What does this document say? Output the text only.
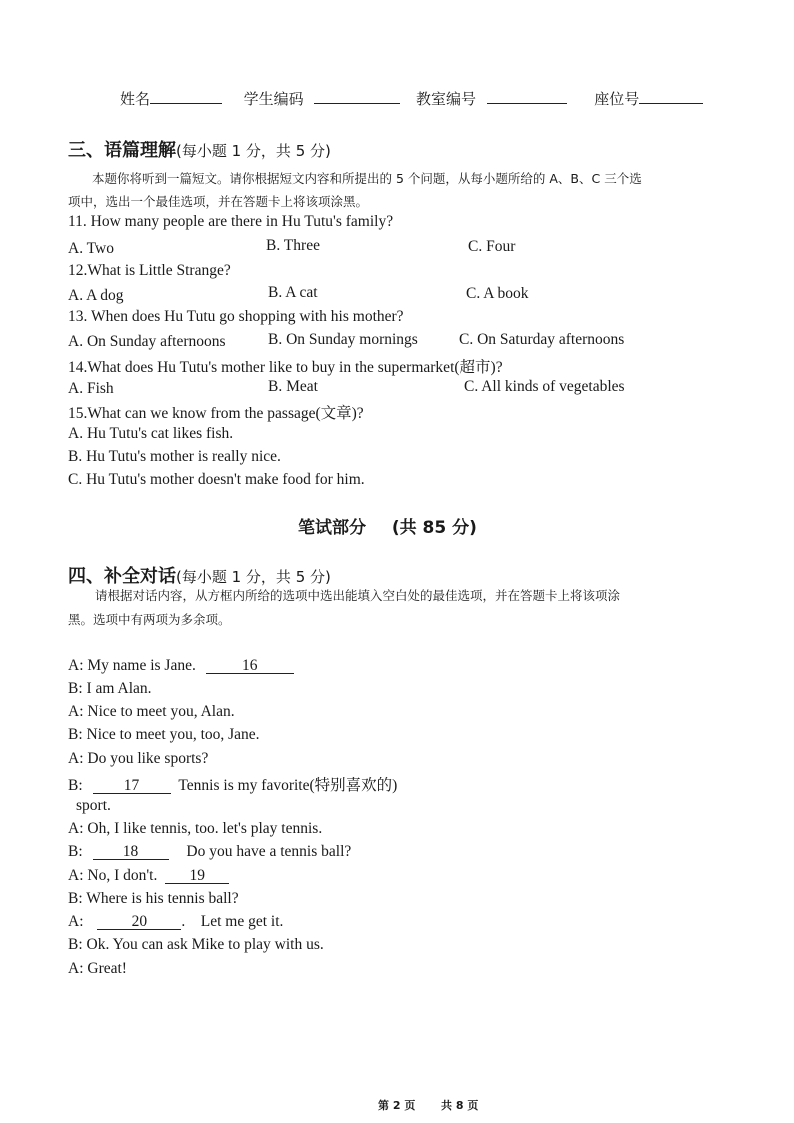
姓名	学生编码	教室编号	座位号
三、语篇理解(每小题 1 分，共 5 分)
本题你将听到一篇短文。请你根据短文内容和所提出的 5 个问题，从每小题所给的 A、B、C 三个选
项中，选出一个最佳选项，并在答题卡上将该项涂黑。
11. How many people are there in Hu Tutu's family?
A. Two	B. Three	C. Four
12.What is Little Strange?
A. A dog	B. A cat	C. A book
13. When does Hu Tutu go shopping with his mother?
A. On Sunday afternoons	B. On Sunday mornings	C. On Saturday afternoons
14.What does Hu Tutu's mother like to buy in the supermarket(超市)?
A. Fish	B. Meat	C. All kinds of vegetables
15.What can we know from the passage(文章)?
A. Hu Tutu's cat likes fish.
B. Hu Tutu's mother is really nice.
C. Hu Tutu's mother doesn't make food for him.
笔试部分 (共 85 分)
四、补全对话(每小题 1 分，共 5 分)
请根据对话内容，从方框内所给的选项中选出能填入空白处的最佳选项，并在答题卡上将该项涂
黑。选项中有两项为多余项。
A: My name is Jane.	16
B: I am Alan.
A: Nice to meet you, Alan.
B: Nice to meet you, too, Jane.
A: Do you like sports?
B:	17	Tennis is my favorite(特别喜欢的)
sport.
A: Oh, I like tennis, too. let's play tennis.
B:	18	Do you have a tennis ball?
A: No, I don't. 19
B: Where is his tennis ball?
A:	20 .    Let me get it.
B: Ok. You can ask Mike to play with us.
A: Great!
第 2 页 共 8 页
